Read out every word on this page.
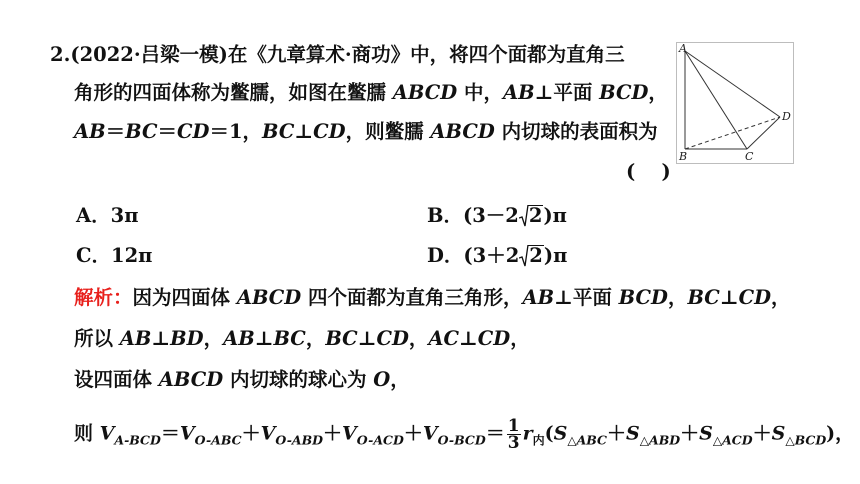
2.(2022·吕梁一模)在《九章算术·商功》中，将四个面都为直角三
角形的四面体称为鳖臑，如图在鳖臑 ABCD 中，AB⊥平面 BCD，
AB＝BC＝CD＝1，BC⊥CD，则鳖臑 ABCD 内切球的表面积为
(　 )
A
B	C
D
A．3π	B．(3－2 2)π
C．12π	D．(3＋2 2)π
解析：因为四面体 ABCD 四个面都为直角三角形，AB⊥平面 BCD，BC⊥CD，
所以 AB⊥BD，AB⊥BC，BC⊥CD，AC⊥CD，
设四面体 ABCD 内切球的球心为 O，
则 $V_{A-BCD}=V_{O-ABC}+V_{O-ABD}+V_{O-ACD}+V_{O-BCD}= \frac{1}{3} r_内(S_{\triangle ABC}+S_{\triangle ABD}+S_{\triangle ACD}+S_{\triangle BCD})$，
